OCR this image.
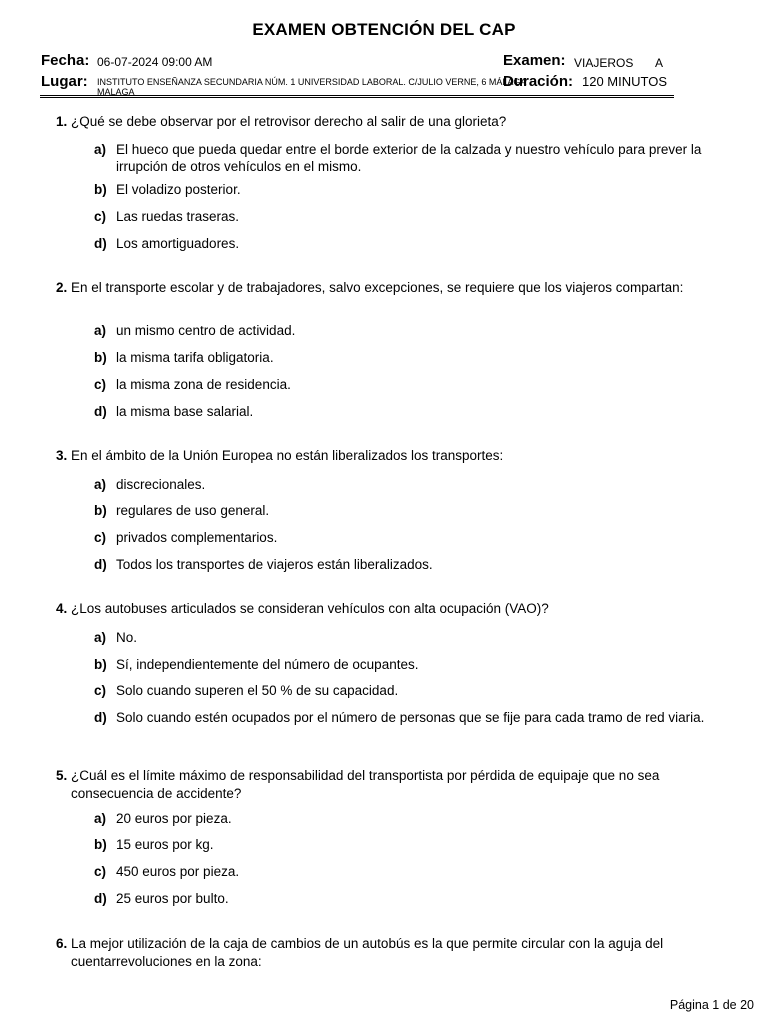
EXAMEN OBTENCIÓN DEL CAP
Fecha: 06-07-2024 09:00 AM	Examen: VIAJEROS A
Lugar: INSTITUTO ENSEÑANZA SECUNDARIA NÚM. 1 UNIVERSIDAD LABORAL. C/JULIO VERNE, 6 MÁLAGA
MALAGA
Duración: 120 MINUTOS
1. ¿Qué se debe observar por el retrovisor derecho al salir de una glorieta?
a) El hueco que pueda quedar entre el borde exterior de la calzada y nuestro vehículo para prever la irrupción de otros vehículos en el mismo.
b) El voladizo posterior.
c) Las ruedas traseras.
d) Los amortiguadores.
2. En el transporte escolar y de trabajadores, salvo excepciones, se requiere que los viajeros compartan:
a) un mismo centro de actividad.
b) la misma tarifa obligatoria.
c) la misma zona de residencia.
d) la misma base salarial.
3. En el ámbito de la Unión Europea no están liberalizados los transportes:
a) discrecionales.
b) regulares de uso general.
c) privados complementarios.
d) Todos los transportes de viajeros están liberalizados.
4. ¿Los autobuses articulados se consideran vehículos con alta ocupación (VAO)?
a) No.
b) Sí, independientemente del número de ocupantes.
c) Solo cuando superen el 50 % de su capacidad.
d) Solo cuando estén ocupados por el número de personas que se fije para cada tramo de red viaria.
5. ¿Cuál es el límite máximo de responsabilidad del transportista por pérdida de equipaje que no sea consecuencia de accidente?
a) 20 euros por pieza.
b) 15 euros por kg.
c) 450 euros por pieza.
d) 25 euros por bulto.
6. La mejor utilización de la caja de cambios de un autobús es la que permite circular con la aguja del cuentarrevoluciones en la zona:
Página 1 de 20
